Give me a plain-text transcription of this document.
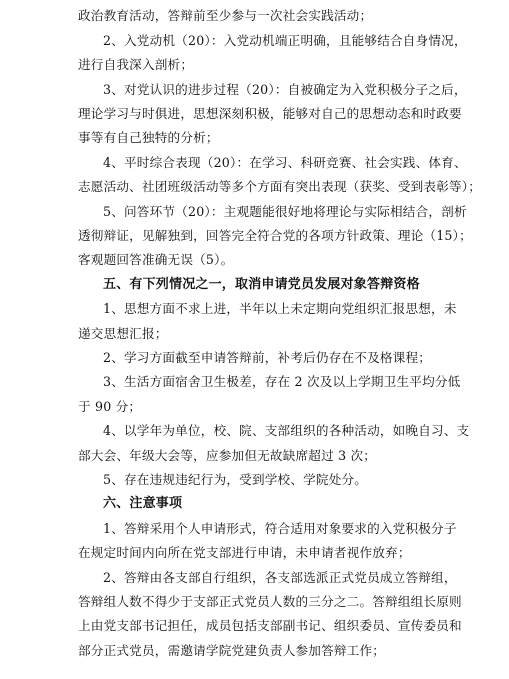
政治教育活动，答辩前至少参与一次社会实践活动；
2、入党动机（20）：入党动机端正明确，且能够结合自身情况，
进行自我深入剖析；
3、对党认识的进步过程（20）：自被确定为入党积极分子之后，
理论学习与时俱进，思想深刻积极，能够对自己的思想动态和时政要
事等有自己独特的分析；
4、平时综合表现（20）：在学习、科研竞赛、社会实践、体育、
志愿活动、社团班级活动等多个方面有突出表现（获奖、受到表彰等）；
5、问答环节（20）：主观题能很好地将理论与实际相结合，剖析
透彻辩证，见解独到，回答完全符合党的各项方针政策、理论（15）；
客观题回答准确无误（5）。
五、有下列情况之一，取消申请党员发展对象答辩资格
1、思想方面不求上进，半年以上未定期向党组织汇报思想，未
递交思想汇报；
2、学习方面截至申请答辩前，补考后仍存在不及格课程；
3、生活方面宿舍卫生极差，存在 2 次及以上学期卫生平均分低
于 90 分；
4、以学年为单位，校、院、支部组织的各种活动，如晚自习、支
部大会、年级大会等，应参加但无故缺席超过 3 次；
5、存在违规违纪行为，受到学校、学院处分。
六、注意事项
1、答辩采用个人申请形式，符合适用对象要求的入党积极分子
在规定时间内向所在党支部进行申请，未申请者视作放弃；
2、答辩由各支部自行组织，各支部选派正式党员成立答辩组，
答辩组人数不得少于支部正式党员人数的三分之二。答辩组组长原则
上由党支部书记担任，成员包括支部副书记、组织委员、宣传委员和
部分正式党员，需邀请学院党建负责人参加答辩工作；
